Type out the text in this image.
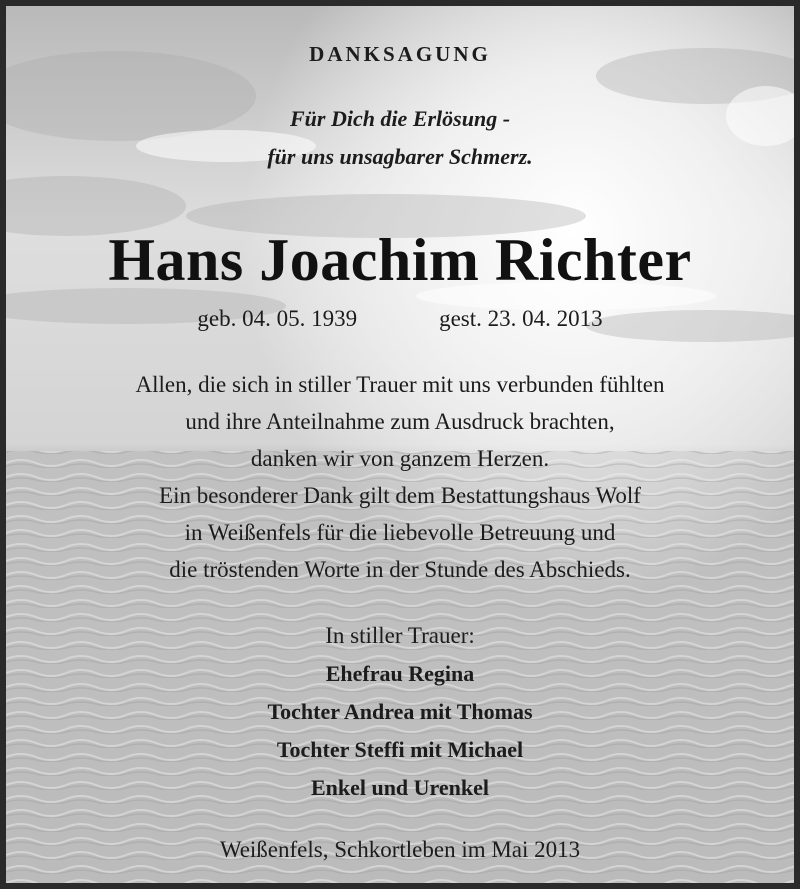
DANKSAGUNG
Für Dich die Erlösung -
für uns unsagbarer Schmerz.
Hans Joachim Richter
geb. 04. 05. 1939	gest. 23. 04. 2013
Allen, die sich in stiller Trauer mit uns verbunden fühlten
und ihre Anteilnahme zum Ausdruck brachten,
danken wir von ganzem Herzen.
Ein besonderer Dank gilt dem Bestattungshaus Wolf
in Weißenfels für die liebevolle Betreuung und
die tröstenden Worte in der Stunde des Abschieds.
In stiller Trauer:
Ehefrau Regina
Tochter Andrea mit Thomas
Tochter Steffi mit Michael
Enkel und Urenkel
Weißenfels, Schkortleben im Mai 2013
